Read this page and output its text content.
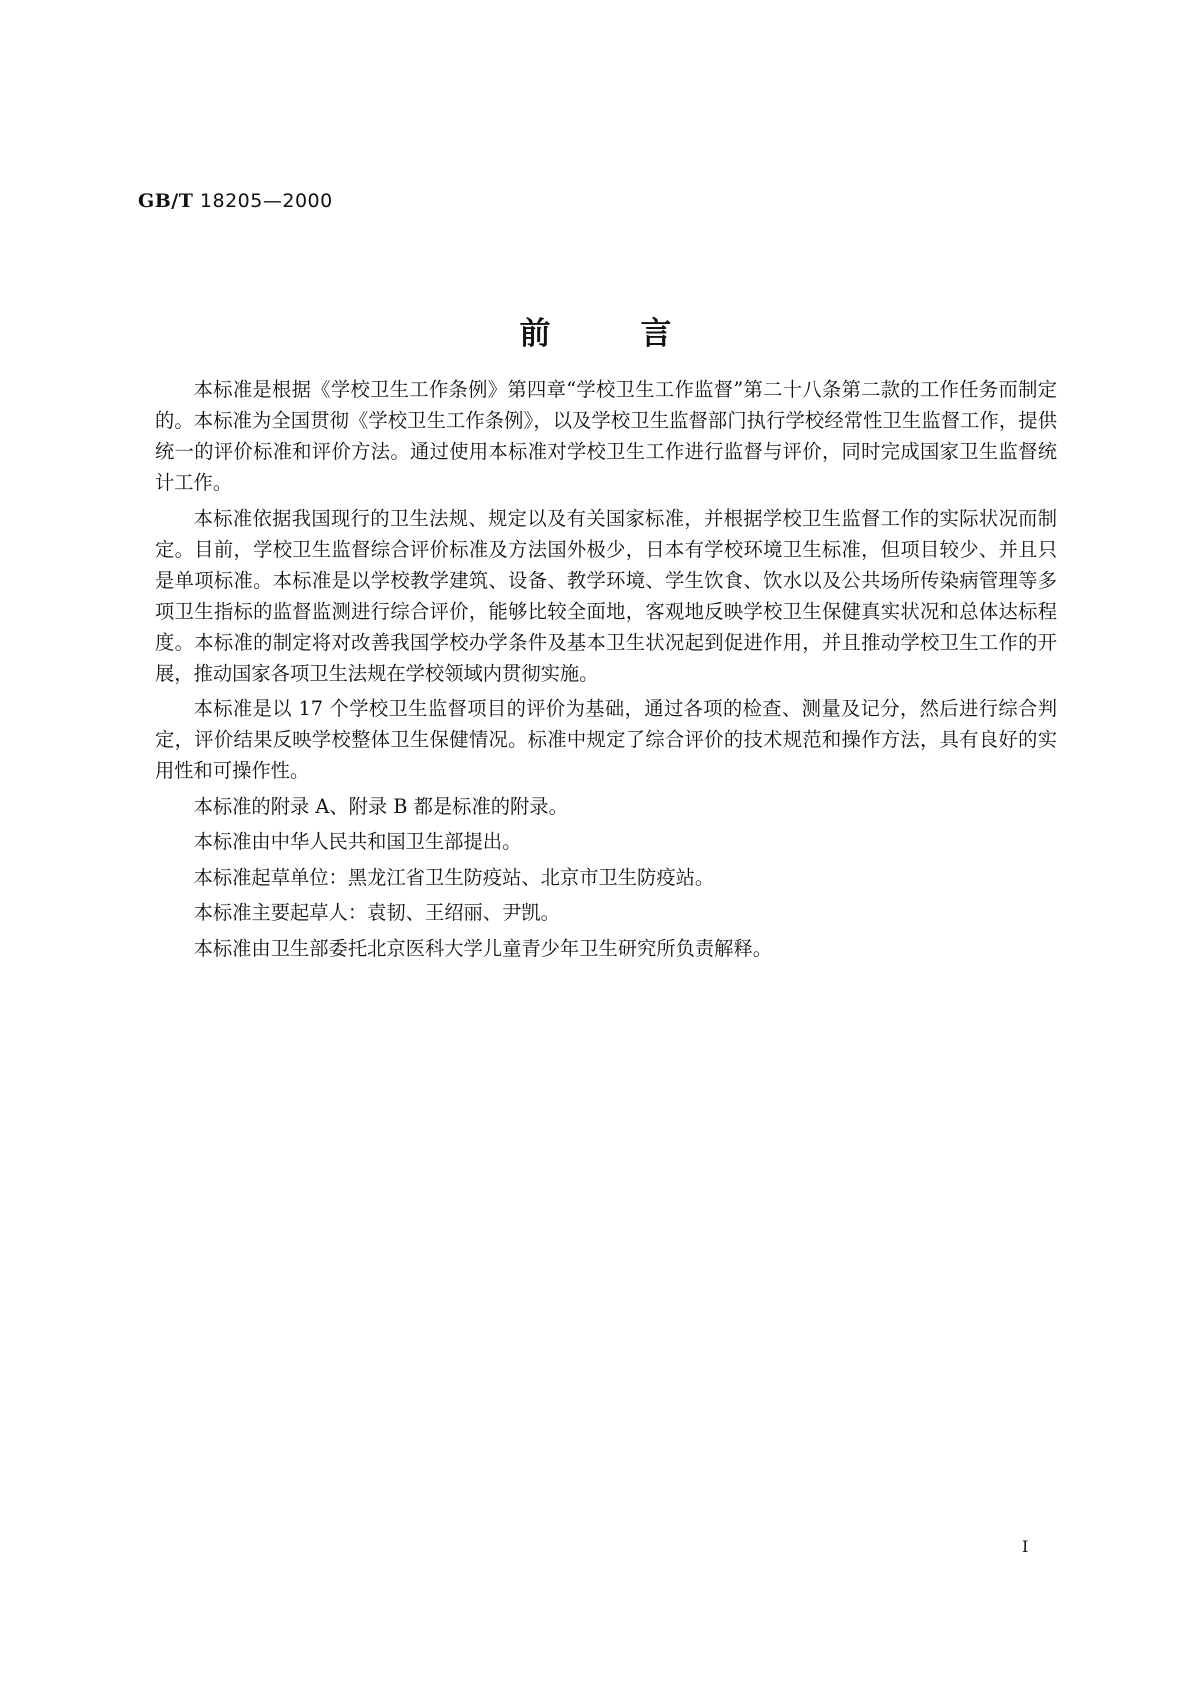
GB/T 18205—2000
前言

本标准是根据《学校卫生工作条例》第四章“学校卫生工作监督”第二十八条第二款的工作任务而制定的。本标准为全国贯彻《学校卫生工作条例》，以及学校卫生监督部门执行学校经常性卫生监督工作，提供统一的评价标准和评价方法。通过使用本标准对学校卫生工作进行监督与评价，同时完成国家卫生监督统计工作。

本标准依据我国现行的卫生法规、规定以及有关国家标准，并根据学校卫生监督工作的实际状况而制定。目前，学校卫生监督综合评价标准及方法国外极少，日本有学校环境卫生标准，但项目较少、并且只是单项标准。本标准是以学校教学建筑、设备、教学环境、学生饮食、饮水以及公共场所传染病管理等多项卫生指标的监督监测进行综合评价，能够比较全面地，客观地反映学校卫生保健真实状况和总体达标程度。本标准的制定将对改善我国学校办学条件及基本卫生状况起到促进作用，并且推动学校卫生工作的开展，推动国家各项卫生法规在学校领域内贯彻实施。

本标准是以 17 个学校卫生监督项目的评价为基础，通过各项的检查、测量及记分，然后进行综合判定，评价结果反映学校整体卫生保健情况。标准中规定了综合评价的技术规范和操作方法，具有良好的实用性和可操作性。

本标准的附录 A、附录 B 都是标准的附录。

本标准由中华人民共和国卫生部提出。

本标准起草单位：黑龙江省卫生防疫站、北京市卫生防疫站。

本标准主要起草人：袁韧、王绍丽、尹凯。

本标准由卫生部委托北京医科大学儿童青少年卫生研究所负责解释。

I
